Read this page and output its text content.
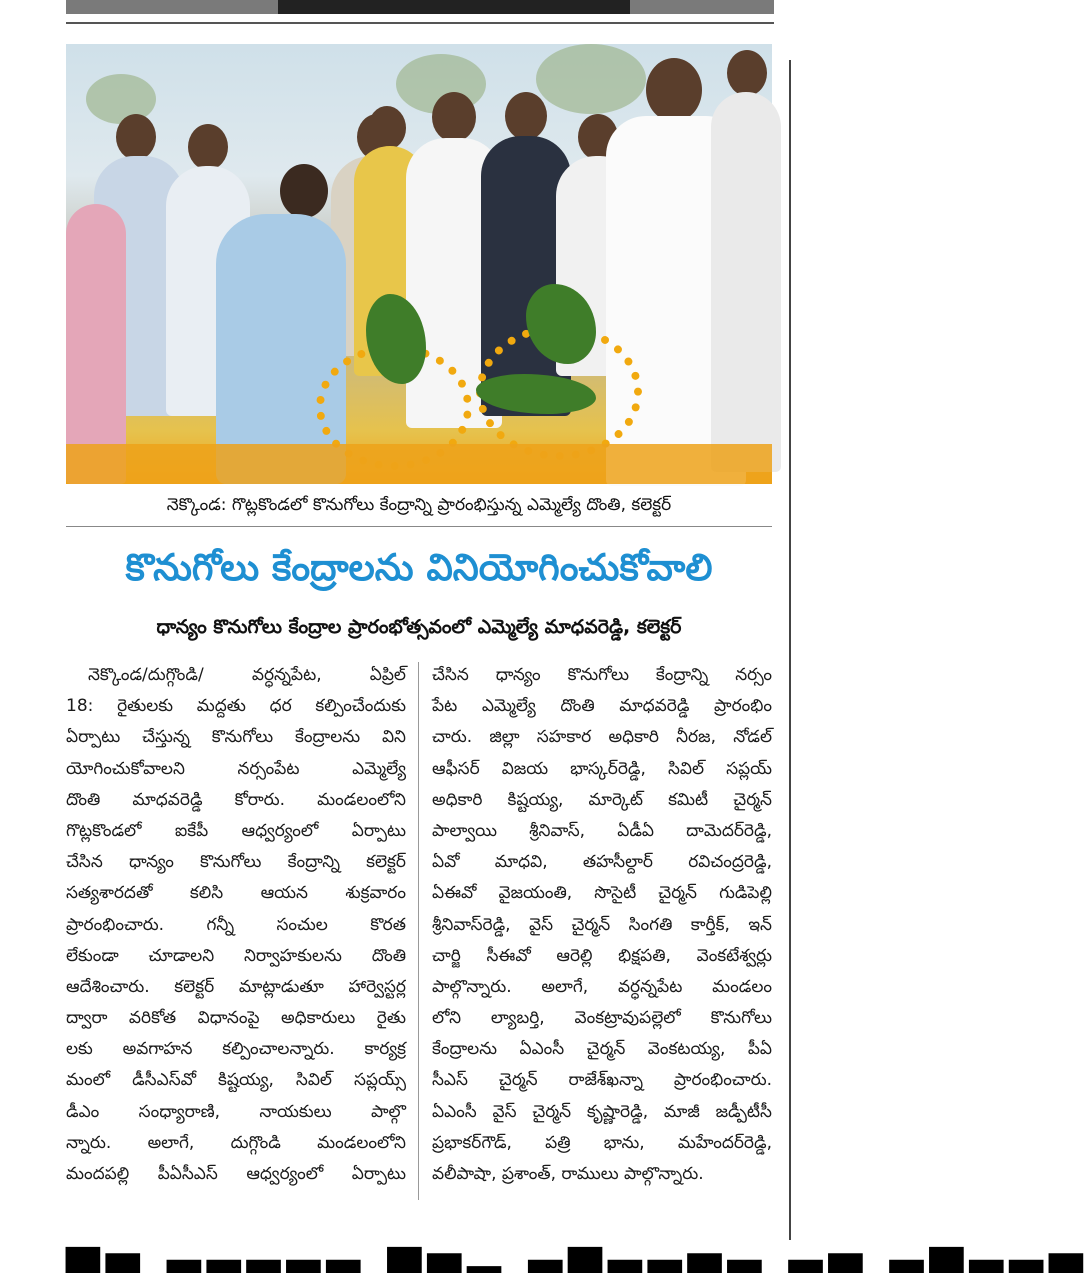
నెక్కొండ: గొట్లకొండలో కొనుగోలు కేంద్రాన్ని ప్రారంభిస్తున్న ఎమ్మెల్యే దొంతి, కలెక్టర్
కొనుగోలు కేంద్రాలను వినియోగించుకోవాలి
ధాన్యం కొనుగోలు కేంద్రాల ప్రారంభోత్సవంలో ఎమ్మెల్యే మాధవరెడ్డి, కలెక్టర్
నెక్కొండ/దుగ్గొండి/ వర్ధన్నపేట, ఏప్రిల్
18: రైతులకు మద్దతు ధర కల్పించేందుకు
ఏర్పాటు చేస్తున్న కొనుగోలు కేంద్రాలను విని
యోగించుకోవాలని నర్సంపేట ఎమ్మెల్యే
దొంతి మాధవరెడ్డి కోరారు. మండలంలోని
గొట్లకొండలో ఐకేపీ ఆధ్వర్యంలో ఏర్పాటు
చేసిన ధాన్యం కొనుగోలు కేంద్రాన్ని కలెక్టర్
సత్యశారదతో కలిసి ఆయన శుక్రవారం
ప్రారంభించారు. గన్నీ సంచుల కొరత
లేకుండా చూడాలని నిర్వాహకులను దొంతి
ఆదేశించారు. కలెక్టర్ మాట్లాడుతూ హార్వెస్టర్ల
ద్వారా వరికోత విధానంపై అధికారులు రైతు
లకు అవగాహన కల్పించాలన్నారు. కార్యక్ర
మంలో డీసీఎస్‌వో కిష్టయ్య, సివిల్ సప్లయ్స్
డీఎం సంధ్యారాణి, నాయకులు పాల్గొ
న్నారు. అలాగే, దుగ్గొండి మండలంలోని
మందపల్లి పీఏసీఎస్ ఆధ్వర్యంలో ఏర్పాటు
చేసిన ధాన్యం కొనుగోలు కేంద్రాన్ని నర్సం
పేట ఎమ్మెల్యే దొంతి మాధవరెడ్డి ప్రారంభిం
చారు. జిల్లా సహకార అధికారి నీరజ, నోడల్
ఆఫీసర్ విజయ భాస్కర్‌రెడ్డి, సివిల్ సప్లయ్
అధికారి కిష్టయ్య, మార్కెట్ కమిటీ చైర్మన్
పాల్వాయి శ్రీనివాస్, ఏడీఏ దామెదర్‌రెడ్డి,
ఏవో మాధవి, తహసీల్దార్ రవిచంద్రరెడ్డి,
ఏఈవో వైజయంతి, సొసైటీ చైర్మన్ గుడిపెల్లి
శ్రీనివాస్‌రెడ్డి, వైస్ చైర్మన్ సింగతి కార్తీక్, ఇన్
చార్జి సీఈవో ఆరెల్లి భిక్షపతి, వెంకటేశ్వర్లు
పాల్గొన్నారు. అలాగే, వర్ధన్నపేట మండలం
లోని ల్యాబర్తి, వెంకట్రావుపల్లెలో కొనుగోలు
కేంద్రాలను ఏఎంసీ చైర్మన్ వెంకటయ్య, పీఏ
సీఎస్ చైర్మన్ రాజేశ్‌ఖన్నా ప్రారంభించారు.
ఏఎంసీ వైస్ చైర్మన్ కృష్ణారెడ్డి, మాజీ జడ్పీటీసీ
ప్రభాకర్‌గౌడ్, పత్రి భాను, మహేందర్‌రెడ్డి,
వలీపాషా, ప్రశాంత్, రాములు పాల్గొన్నారు.
▄▃ ▂▂▂▂▂ ▄▃▁ ▂▄▂▂▃▂ ▂▃ ▂▄▂▂▃
